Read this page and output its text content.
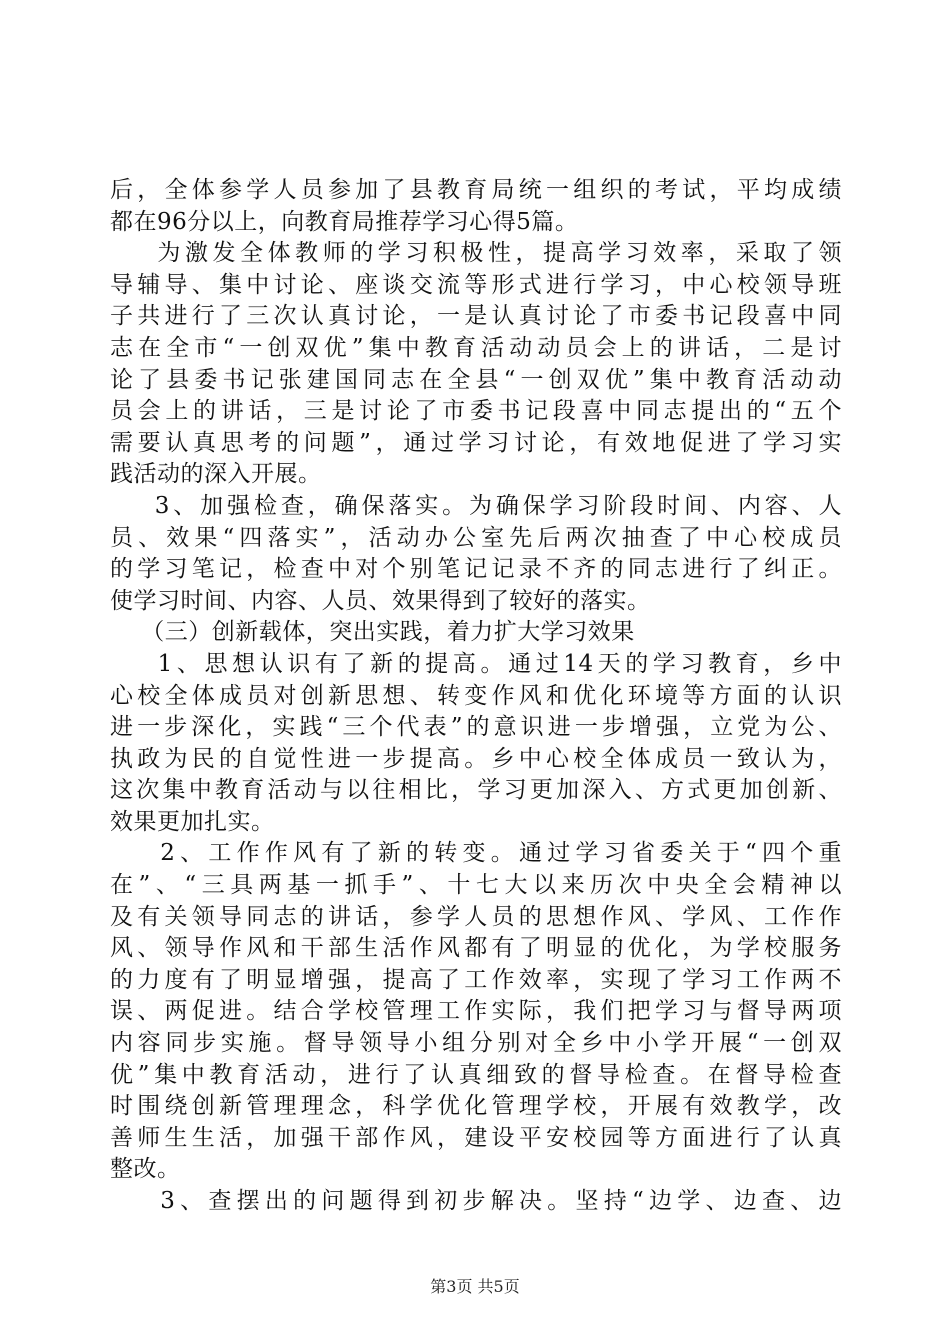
后，全体参学人员参加了县教育局统一组织的考试，平均成绩
都在96分以上，向教育局推荐学习心得5篇。
为激发全体教师的学习积极性，提高学习效率，采取了领
导辅导、集中讨论、座谈交流等形式进行学习，中心校领导班
子共进行了三次认真讨论，一是认真讨论了市委书记段喜中同
志在全市“一创双优”集中教育活动动员会上的讲话，二是讨
论了县委书记张建国同志在全县“一创双优”集中教育活动动
员会上的讲话，三是讨论了市委书记段喜中同志提出的“五个
需要认真思考的问题”，通过学习讨论，有效地促进了学习实
践活动的深入开展。
3、加强检查，确保落实。为确保学习阶段时间、内容、人
员、效果“四落实”，活动办公室先后两次抽查了中心校成员
的学习笔记，检查中对个别笔记记录不齐的同志进行了纠正。
使学习时间、内容、人员、效果得到了较好的落实。
（三）创新载体，突出实践，着力扩大学习效果
1、思想认识有了新的提高。通过14天的学习教育，乡中
心校全体成员对创新思想、转变作风和优化环境等方面的认识
进一步深化，实践“三个代表”的意识进一步增强，立党为公、
执政为民的自觉性进一步提高。乡中心校全体成员一致认为，
这次集中教育活动与以往相比，学习更加深入、方式更加创新、
效果更加扎实。
2、工作作风有了新的转变。通过学习省委关于“四个重
在”、“三具两基一抓手”、十七大以来历次中央全会精神以
及有关领导同志的讲话，参学人员的思想作风、学风、工作作
风、领导作风和干部生活作风都有了明显的优化，为学校服务
的力度有了明显增强，提高了工作效率，实现了学习工作两不
误、两促进。结合学校管理工作实际，我们把学习与督导两项
内容同步实施。督导领导小组分别对全乡中小学开展“一创双
优”集中教育活动，进行了认真细致的督导检查。在督导检查
时围绕创新管理理念，科学优化管理学校，开展有效教学，改
善师生生活，加强干部作风，建设平安校园等方面进行了认真
整改。
3、查摆出的问题得到初步解决。坚持“边学、边查、边
第3页 共5页
